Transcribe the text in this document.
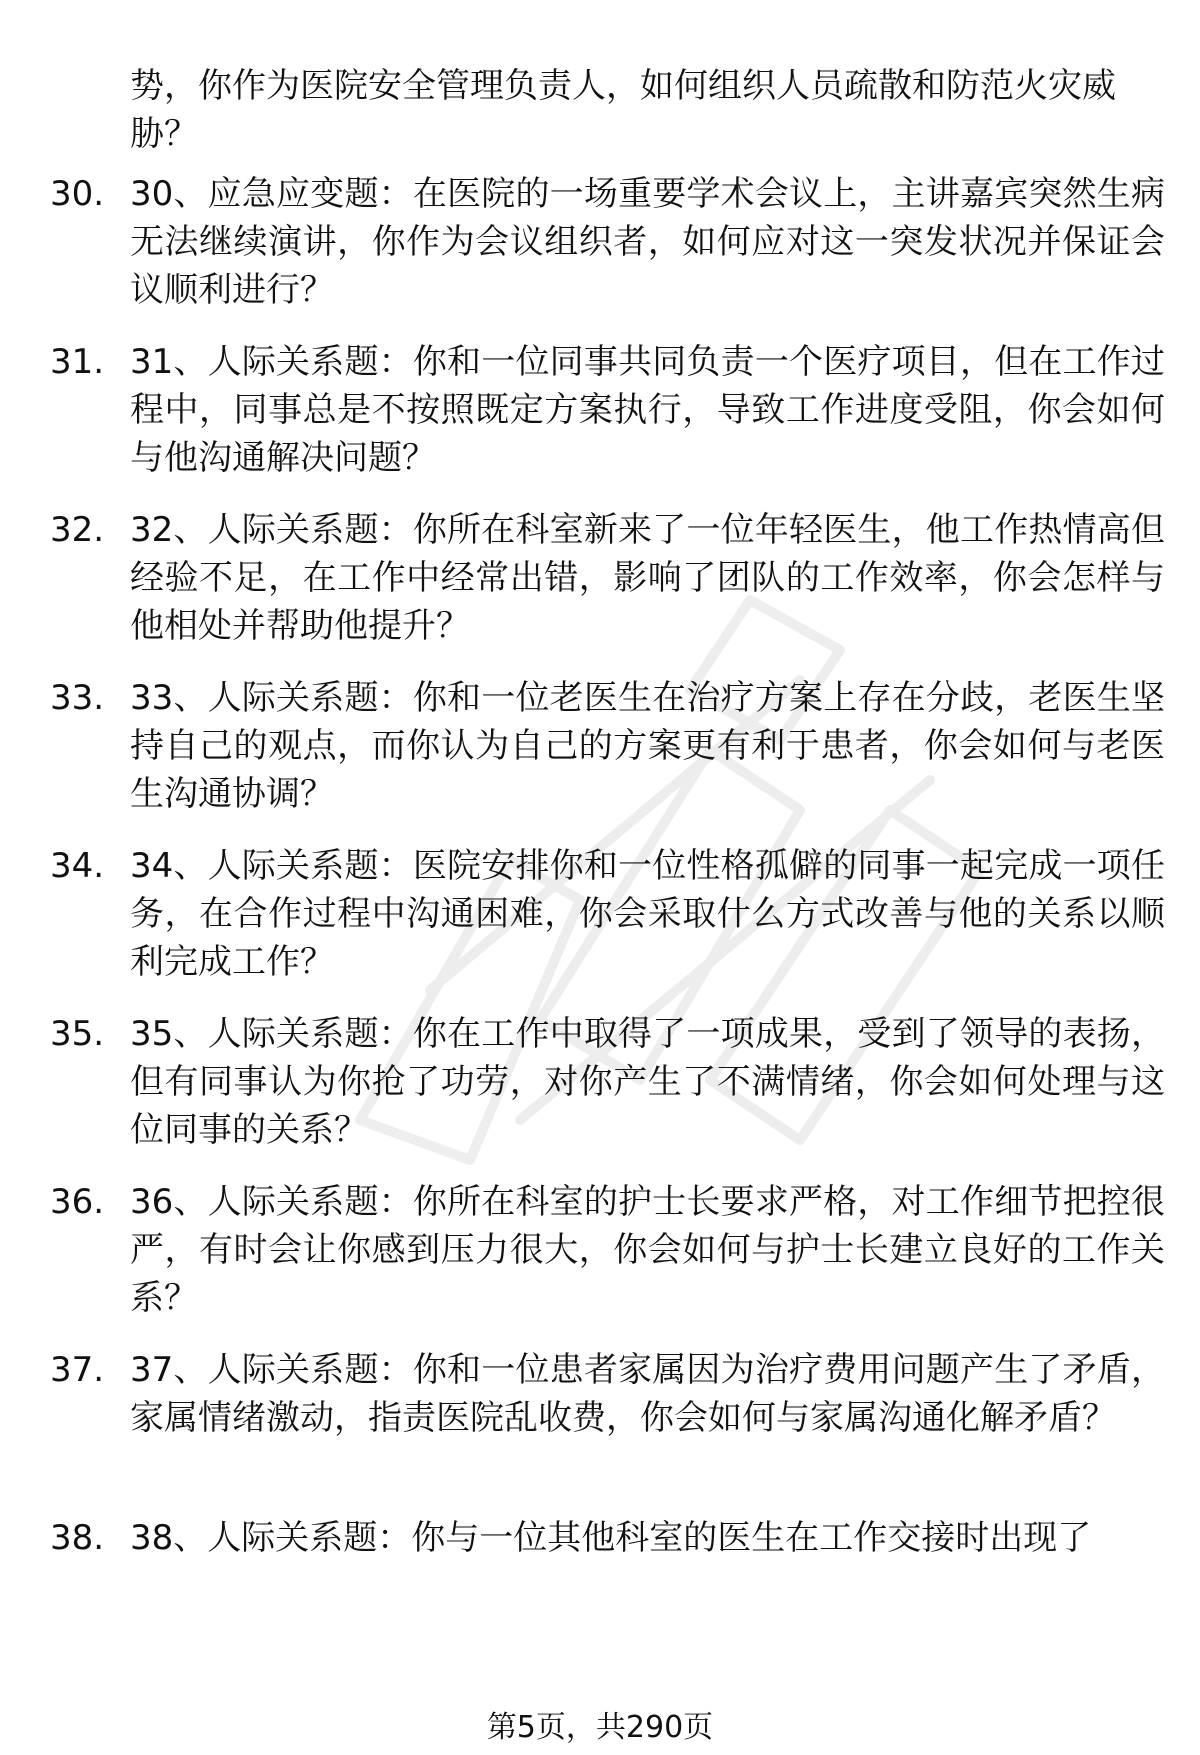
势，你作为医院安全管理负责人，如何组织人员疏散和防范火灾威胁？
30. 30、应急应变题：在医院的一场重要学术会议上，主讲嘉宾突然生病无法继续演讲，你作为会议组织者，如何应对这一突发状况并保证会议顺利进行？
31. 31、人际关系题：你和一位同事共同负责一个医疗项目，但在工作过程中，同事总是不按照既定方案执行，导致工作进度受阻，你会如何与他沟通解决问题？
32. 32、人际关系题：你所在科室新来了一位年轻医生，他工作热情高但经验不足，在工作中经常出错，影响了团队的工作效率，你会怎样与他相处并帮助他提升？
33. 33、人际关系题：你和一位老医生在治疗方案上存在分歧，老医生坚持自己的观点，而你认为自己的方案更有利于患者，你会如何与老医生沟通协调？
34. 34、人际关系题：医院安排你和一位性格孤僻的同事一起完成一项任务，在合作过程中沟通困难，你会采取什么方式改善与他的关系以顺利完成工作？
35. 35、人际关系题：你在工作中取得了一项成果，受到了领导的表扬，但有同事认为你抢了功劳，对你产生了不满情绪，你会如何处理与这位同事的关系？
36. 36、人际关系题：你所在科室的护士长要求严格，对工作细节把控很严，有时会让你感到压力很大，你会如何与护士长建立良好的工作关系？
37. 37、人际关系题：你和一位患者家属因为治疗费用问题产生了矛盾，家属情绪激动，指责医院乱收费，你会如何与家属沟通化解矛盾？
38. 38、人际关系题：你与一位其他科室的医生在工作交接时出现了
第5页，共290页
